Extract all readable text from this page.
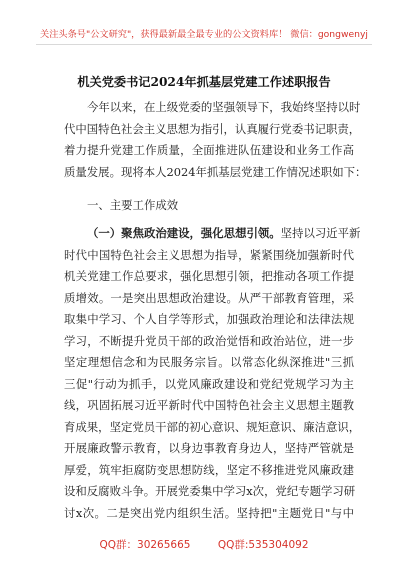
关注头条号"公文研究"，获得最新最全最专业的公文资料库！ 微信：gongwenyj
机关党委书记2024年抓基层党建工作述职报告
今年以来，在上级党委的坚强领导下，我始终坚持以时
代中国特色社会主义思想为指引，认真履行党委书记职责，
着力提升党建工作质量，全面推进队伍建设和业务工作高
质量发展。现将本人2024年抓基层党建工作情况述职如下：
一、主要工作成效
（一）聚焦政治建设，强化思想引领。坚持以习近平新
时代中国特色社会主义思想为指导，紧紧围绕加强新时代
机关党建工作总要求，强化思想引领，把推动各项工作提
质增效。一是突出思想政治建设。从严干部教育管理，采
取集中学习、个人自学等形式，加强政治理论和法律法规
学习，不断提升党员干部的政治觉悟和政治站位，进一步
坚定理想信念和为民服务宗旨。以常态化纵深推进"三抓
三促"行动为抓手，以党风廉政建设和党纪党规学习为主
线，巩固拓展习近平新时代中国特色社会主义思想主题教
育成果，坚定党员干部的初心意识、规矩意识、廉洁意识，
开展廉政警示教育，以身边事教育身边人，坚持严管就是
厚爱，筑牢拒腐防变思想防线，坚定不移推进党风廉政建
设和反腐败斗争。开展党委集中学习x次，党纪专题学习研
讨x次。二是突出党内组织生活。坚持把"主题党日"与中
QQ群：30265665	QQ群:535304092
